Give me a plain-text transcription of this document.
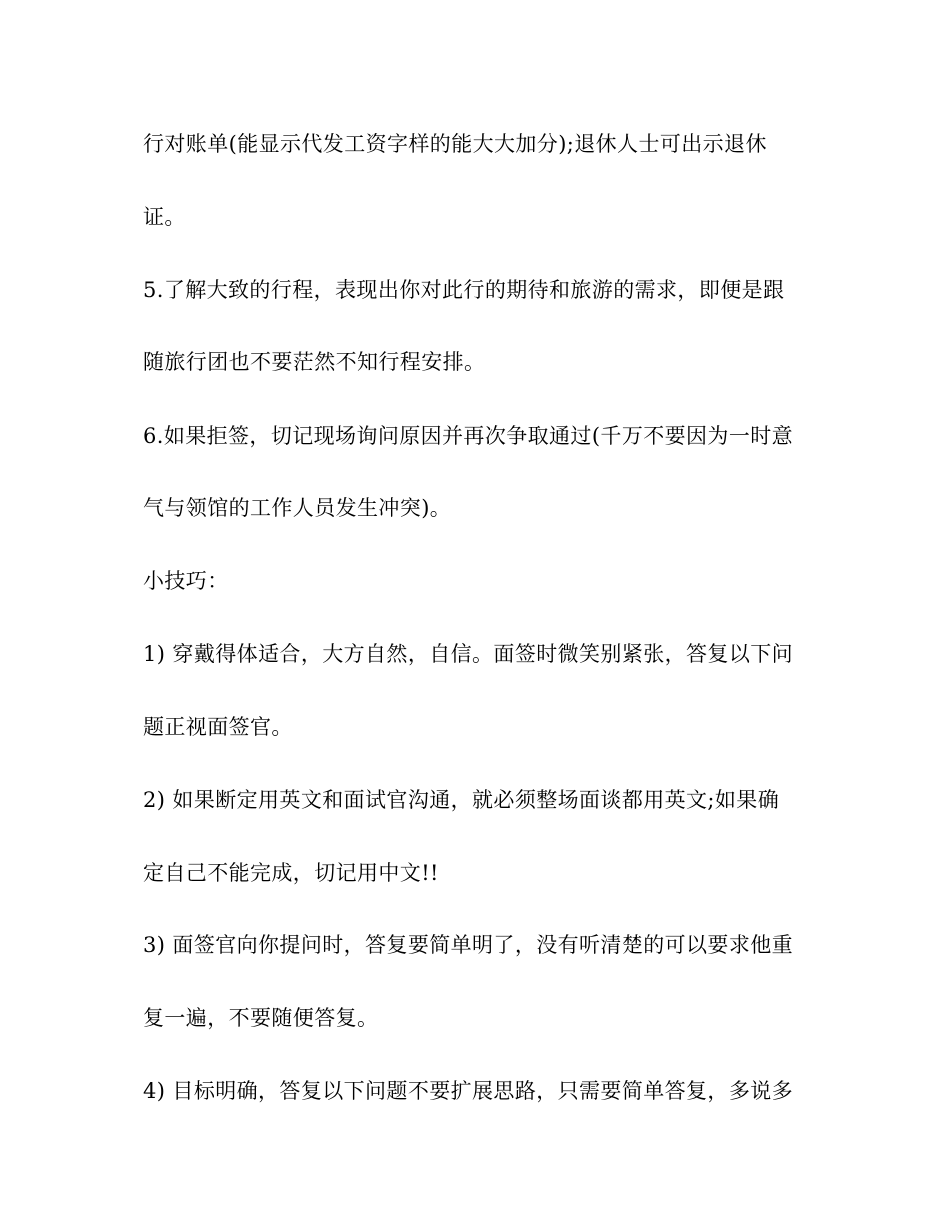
行对账单(能显示代发工资字样的能大大加分);退休人士可出示退休

证。

5.了解大致的行程，表现出你对此行的期待和旅游的需求，即便是跟

随旅行团也不要茫然不知行程安排。

6.如果拒签，切记现场询问原因并再次争取通过(千万不要因为一时意

气与领馆的工作人员发生冲突)。

小技巧：

1) 穿戴得体适合，大方自然，自信。面签时微笑别紧张，答复以下问

题正视面签官。

2) 如果断定用英文和面试官沟通，就必须整场面谈都用英文;如果确

定自己不能完成，切记用中文!!

3) 面签官向你提问时，答复要简单明了，没有听清楚的可以要求他重

复一遍，不要随便答复。

4) 目标明确，答复以下问题不要扩展思路，只需要简单答复，多说多
